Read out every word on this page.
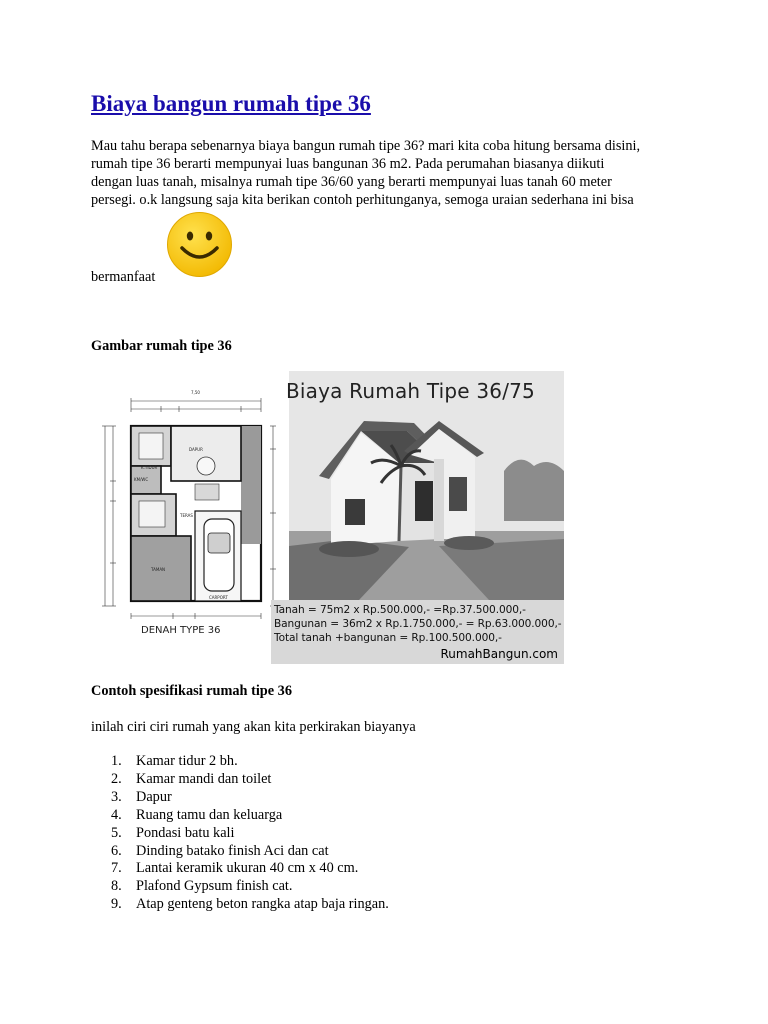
Biaya bangun rumah tipe 36
Mau tahu berapa sebenarnya biaya bangun rumah tipe 36? mari kita coba hitung bersama disini,
rumah tipe 36 berarti mempunyai luas bangunan 36 m2. Pada perumahan biasanya diikuti
dengan luas tanah, misalnya rumah tipe 36/60 yang berarti mempunyai luas tanah 60 meter
persegi. o.k langsung saja kita berikan contoh perhitunganya, semoga uraian sederhana ini bisa
bermanfaat
Gambar rumah tipe 36
K.TIDUR
DAPUR
KM/WC
TERAS
TAMAN
CARPORT
7,50	Biaya Rumah Tipe 36/75
DENAH TYPE 36
Tanah = 75m2 x Rp.500.000,- =Rp.37.500.000,-
Bangunan = 36m2 x Rp.1.750.000,- = Rp.63.000.000,-
Total tanah +bangunan = Rp.100.500.000,-
RumahBangun.com
Contoh spesifikasi rumah tipe 36
inilah ciri ciri rumah yang akan kita perkirakan biayanya
1. Kamar tidur 2 bh.
2. Kamar mandi dan toilet
3. Dapur
4. Ruang tamu dan keluarga
5. Pondasi batu kali
6. Dinding batako finish Aci dan cat
7. Lantai keramik ukuran 40 cm x 40 cm.
8. Plafond Gypsum finish cat.
9. Atap genteng beton rangka atap baja ringan.
